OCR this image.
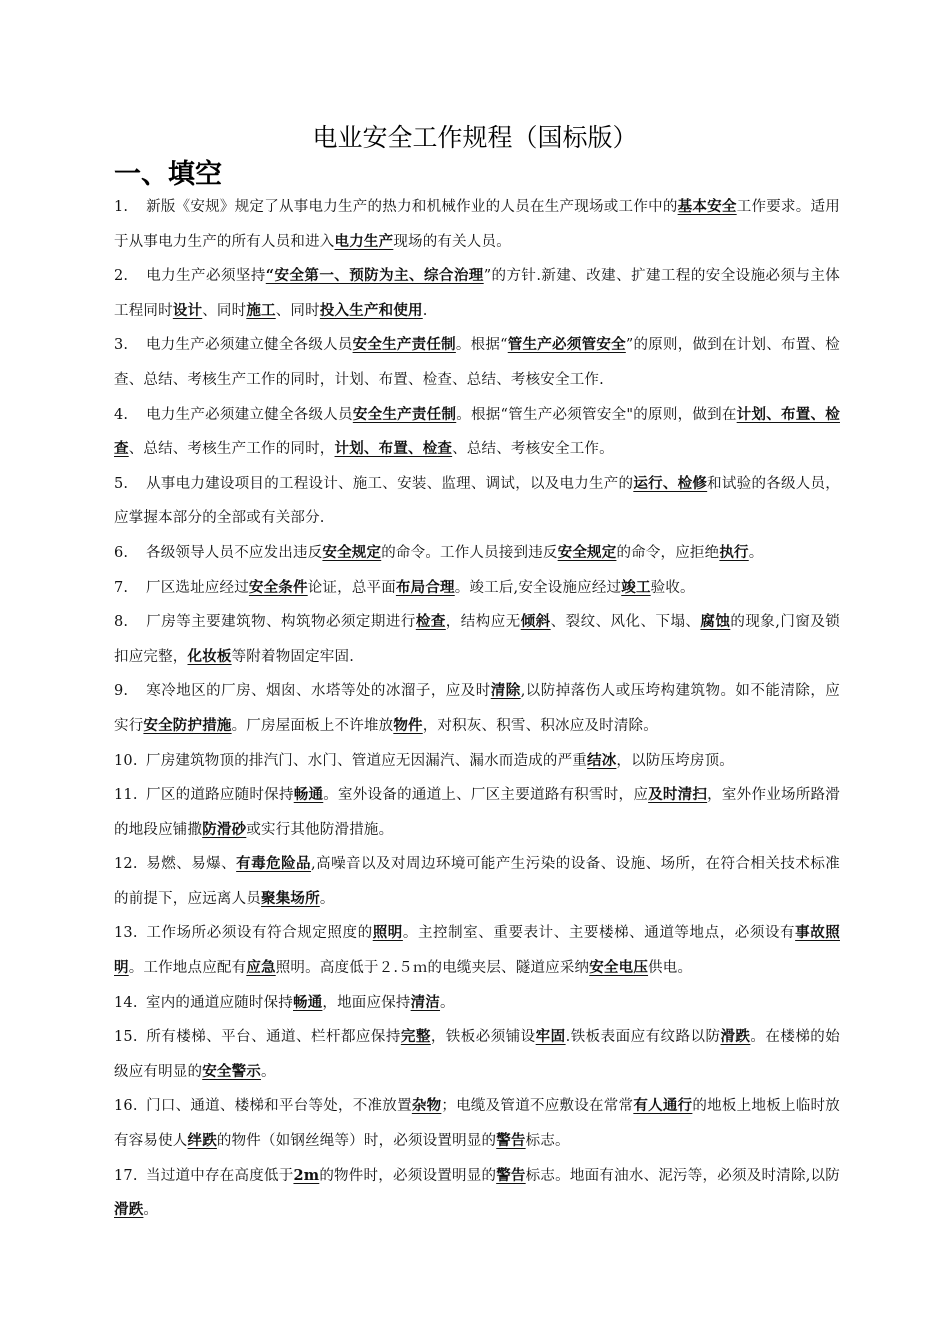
电业安全工作规程（国标版）
一、填空
1. 新版《安规》规定了从事电力生产的热力和机械作业的人员在生产现场或工作中的基本安全工作要求。适用于从事电力生产的所有人员和进入电力生产现场的有关人员。
2. 电力生产必须坚持“安全第一、预防为主、综合治理”的方针.新建、改建、扩建工程的安全设施必须与主体工程同时设计、同时施工、同时投入生产和使用.
3. 电力生产必须建立健全各级人员安全生产责任制。根据“管生产必须管安全”的原则，做到在计划、布置、检查、总结、考核生产工作的同时，计划、布置、检查、总结、考核安全工作.
4. 电力生产必须建立健全各级人员安全生产责任制。根据“管生产必须管安全"的原则，做到在计划、布置、检查、总结、考核生产工作的同时，计划、布置、检查、总结、考核安全工作。
5. 从事电力建设项目的工程设计、施工、安装、监理、调试，以及电力生产的运行、检修和试验的各级人员，应掌握本部分的全部或有关部分.
6. 各级领导人员不应发出违反安全规定的命令。工作人员接到违反安全规定的命令，应拒绝执行。
7. 厂区选址应经过安全条件论证，总平面布局合理。竣工后,安全设施应经过竣工验收。
8. 厂房等主要建筑物、构筑物必须定期进行检查，结构应无倾斜、裂纹、风化、下塌、腐蚀的现象,门窗及锁扣应完整，化妆板等附着物固定牢固.
9. 寒冷地区的厂房、烟囱、水塔等处的冰溜子，应及时清除,以防掉落伤人或压垮构建筑物。如不能清除，应实行安全防护措施。厂房屋面板上不许堆放物件，对积灰、积雪、积冰应及时清除。
10. 厂房建筑物顶的排汽门、水门、管道应无因漏汽、漏水而造成的严重结冰，以防压垮房顶。
11. 厂区的道路应随时保持畅通。室外设备的通道上、厂区主要道路有积雪时，应及时清扫，室外作业场所路滑的地段应铺撒防滑砂或实行其他防滑措施。
12. 易燃、易爆、有毒危险品,高噪音以及对周边环境可能产生污染的设备、设施、场所，在符合相关技术标准的前提下，应远离人员聚集场所。
13. 工作场所必须设有符合规定照度的照明。主控制室、重要表计、主要楼梯、通道等地点，必须设有事故照明。工作地点应配有应急照明。高度低于２.５ｍ的电缆夹层、隧道应采纳安全电压供电。
14. 室内的通道应随时保持畅通，地面应保持清洁。
15. 所有楼梯、平台、通道、栏杆都应保持完整，铁板必须铺设牢固.铁板表面应有纹路以防滑跌。在楼梯的始级应有明显的安全警示。
16. 门口、通道、楼梯和平台等处，不准放置杂物；电缆及管道不应敷设在常常有人通行的地板上地板上临时放有容易使人绊跌的物件（如钢丝绳等）时，必须设置明显的警告标志。
17. 当过道中存在高度低于2m的物件时，必须设置明显的警告标志。地面有油水、泥污等，必须及时清除,以防滑跌。
